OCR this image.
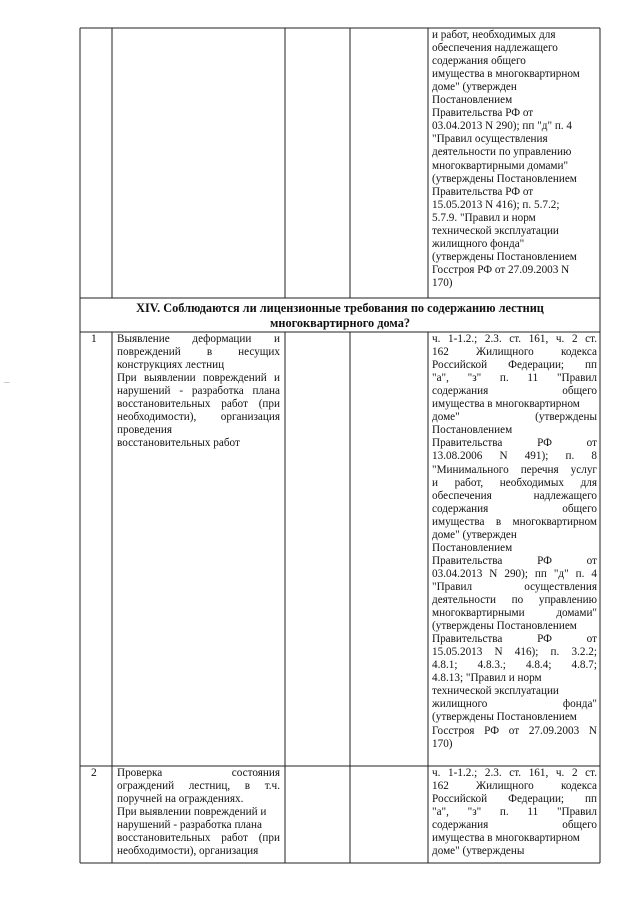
и работ, необходимых для
обеспечения надлежащего
содержания общего
имущества в многоквартирном
доме" (утвержден
Постановлением
Правительства РФ от
03.04.2013 N 290); пп "д" п. 4
"Правил осуществления
деятельности по управлению
многоквартирными домами"
(утверждены Постановлением
Правительства РФ от
15.05.2013 N 416); п. 5.7.2;
5.7.9. "Правил и норм
технической эксплуатации
жилищного фонда"
(утверждены Постановлением
Госстроя РФ от 27.09.2003 N
170)
XIV. Соблюдаются ли лицензионные требования по содержанию лестниц
многоквартирного дома?
1 Выявление деформации и
повреждений в несущих
конструкциях лестниц
При выявлении повреждений и
нарушений - разработка плана
восстановительных работ (при
необходимости), организация
проведения
восстановительных работ
ч. 1-1.2.; 2.3. ст. 161, ч. 2 ст.
162 Жилищного кодекса
Российской Федерации; пп
"а", "з" п. 11 "Правил
содержания общего
имущества в многоквартирном
доме" (утверждены
Постановлением
Правительства РФ от
13.08.2006 N 491); п. 8
"Минимального перечня услуг
и работ, необходимых для
обеспечения надлежащего
содержания общего
имущества в многоквартирном
доме" (утвержден
Постановлением
Правительства РФ от
03.04.2013 N 290); пп "д" п. 4
"Правил осуществления
деятельности по управлению
многоквартирными домами"
(утверждены Постановлением
Правительства РФ от
15.05.2013 N 416); п. 3.2.2;
4.8.1; 4.8.3.; 4.8.4; 4.8.7;
4.8.13; "Правил и норм
технической эксплуатации
жилищного фонда"
(утверждены Постановлением
Госстроя РФ от 27.09.2003 N
170)
2 Проверка состояния
ограждений лестниц, в т.ч.
поручней на ограждениях.
При выявлении повреждений и
нарушений - разработка плана
восстановительных работ (при
необходимости), организация
ч. 1-1.2.; 2.3. ст. 161, ч. 2 ст.
162 Жилищного кодекса
Российской Федерации; пп
"а", "з" п. 11 "Правил
содержания общего
имущества в многоквартирном
доме" (утверждены
–
